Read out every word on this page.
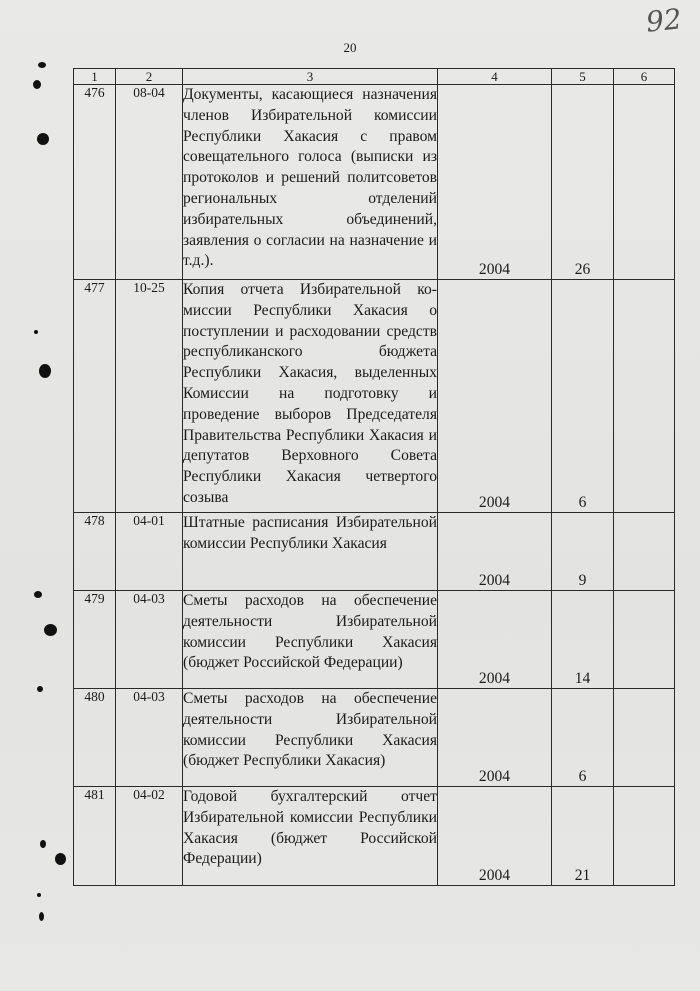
20
92
1	2	3	4	5	6
476	08-04	Документы, касающиеся назначения членов Избирательной комиссии Республики Хакасия с правом совещательного голоса (выписки из протоколов и решений политсоветов региональных отделений избирательных объединений, заявления о согласии на назначение и т.д.).	2004	26	
477	10-25	Копия отчета Избирательной комиссии Республики Хакасия о поступлении и расходовании средств республиканского бюджета Республики Хакасия, выделенных Комиссии на подготовку и проведение выборов Председателя Правительства Республики Хакасия и депутатов Верховного Совета Республики Хакасия четвертого созыва	2004	6	
478	04-01	Штатные расписания Избирательной комиссии Республики Хакасия	2004	9	
479	04-03	Сметы расходов на обеспечение деятельности Избирательной комиссии Республики Хакасия (бюджет Российской Федерации)	2004	14	
480	04-03	Сметы расходов на обеспечение деятельности Избирательной комиссии Республики Хакасия (бюджет Республики Хакасия)	2004	6	
481	04-02	Годовой бухгалтерский отчет Избирательной комиссии Республики Хакасия (бюджет Российской Федерации)	2004	21	
